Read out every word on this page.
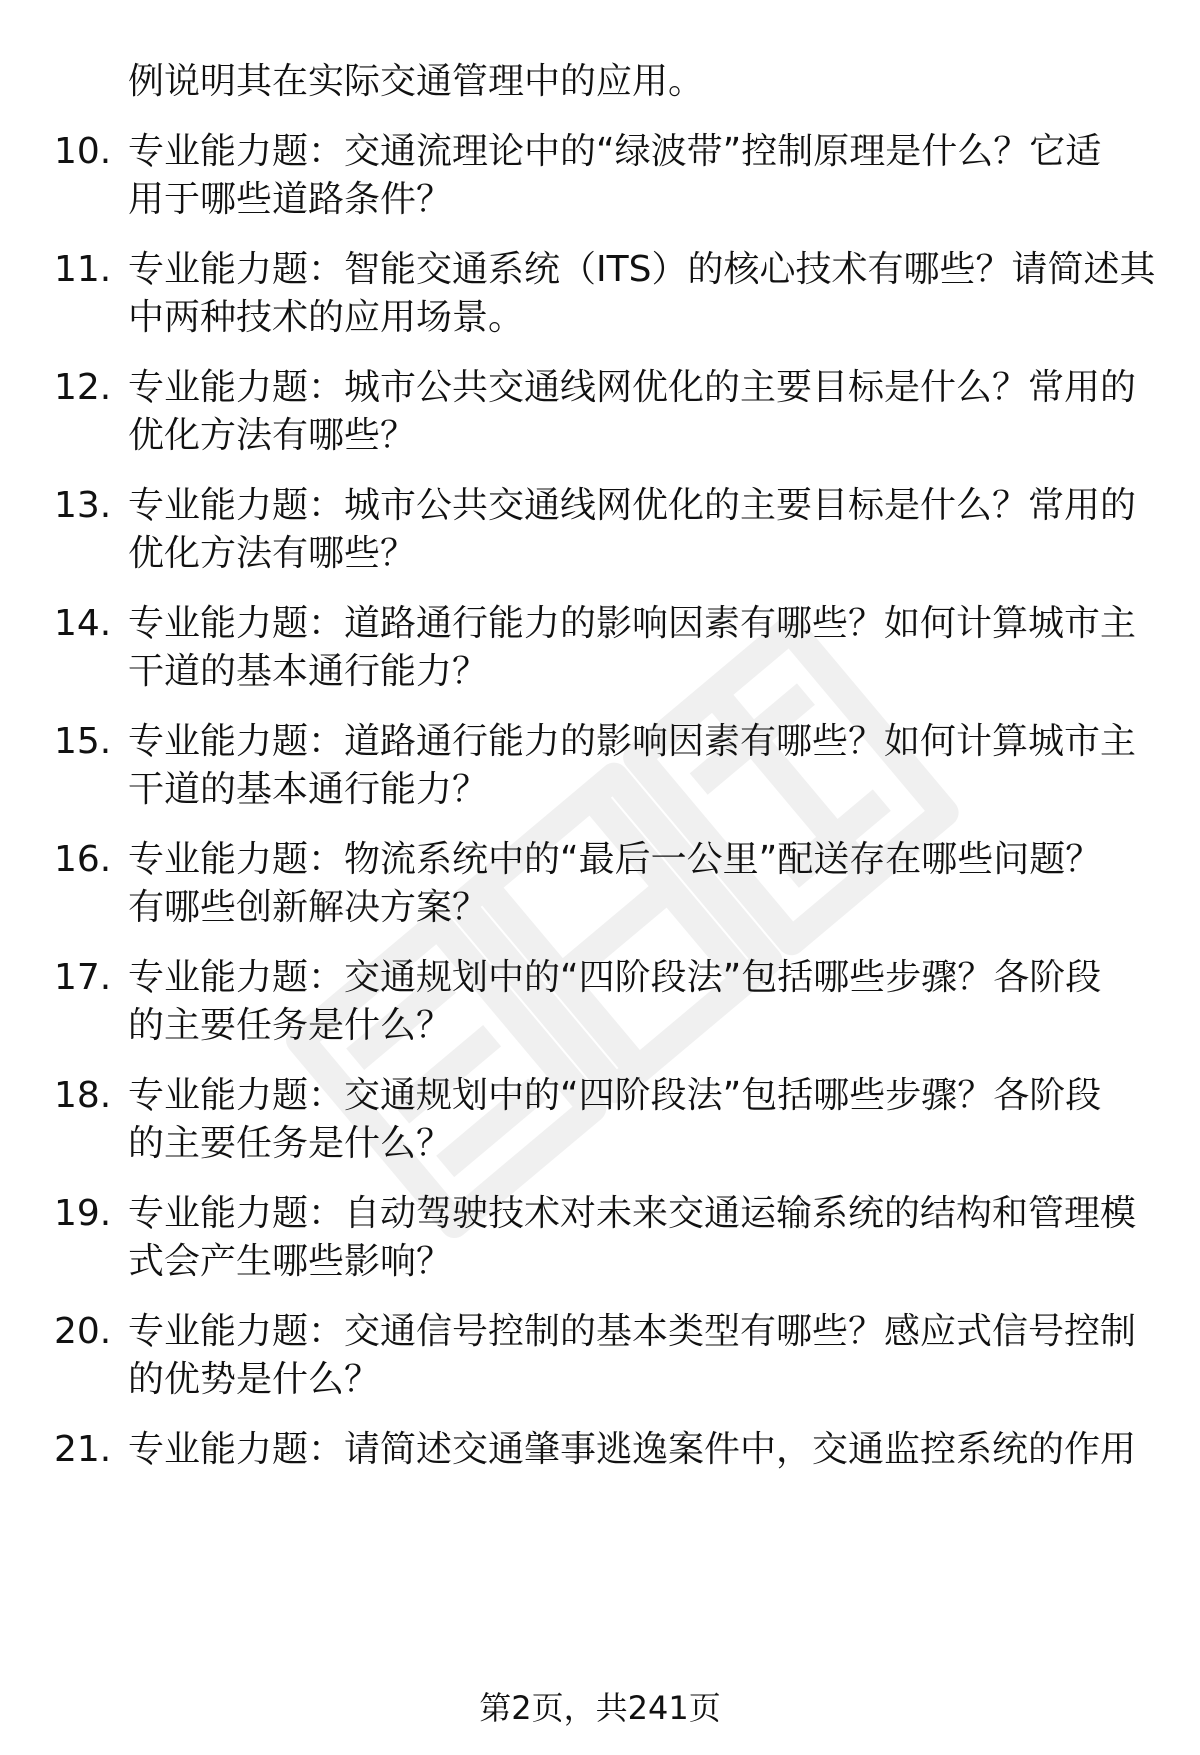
例说明其在实际交通管理中的应用。
10. 专业能力题：交通流理论中的“绿波带”控制原理是什么？它适
用于哪些道路条件？
11. 专业能力题：智能交通系统（ITS）的核心技术有哪些？请简述其
中两种技术的应用场景。
12. 专业能力题：城市公共交通线网优化的主要目标是什么？常用的
优化方法有哪些？
13. 专业能力题：城市公共交通线网优化的主要目标是什么？常用的
优化方法有哪些？
14. 专业能力题：道路通行能力的影响因素有哪些？如何计算城市主
干道的基本通行能力？
15. 专业能力题：道路通行能力的影响因素有哪些？如何计算城市主
干道的基本通行能力？
16. 专业能力题：物流系统中的“最后一公里”配送存在哪些问题？
有哪些创新解决方案？
17. 专业能力题：交通规划中的“四阶段法”包括哪些步骤？各阶段
的主要任务是什么？
18. 专业能力题：交通规划中的“四阶段法”包括哪些步骤？各阶段
的主要任务是什么？
19. 专业能力题：自动驾驶技术对未来交通运输系统的结构和管理模
式会产生哪些影响？
20. 专业能力题：交通信号控制的基本类型有哪些？感应式信号控制
的优势是什么？
21. 专业能力题：请简述交通肇事逃逸案件中，交通监控系统的作用
第2页，共241页
